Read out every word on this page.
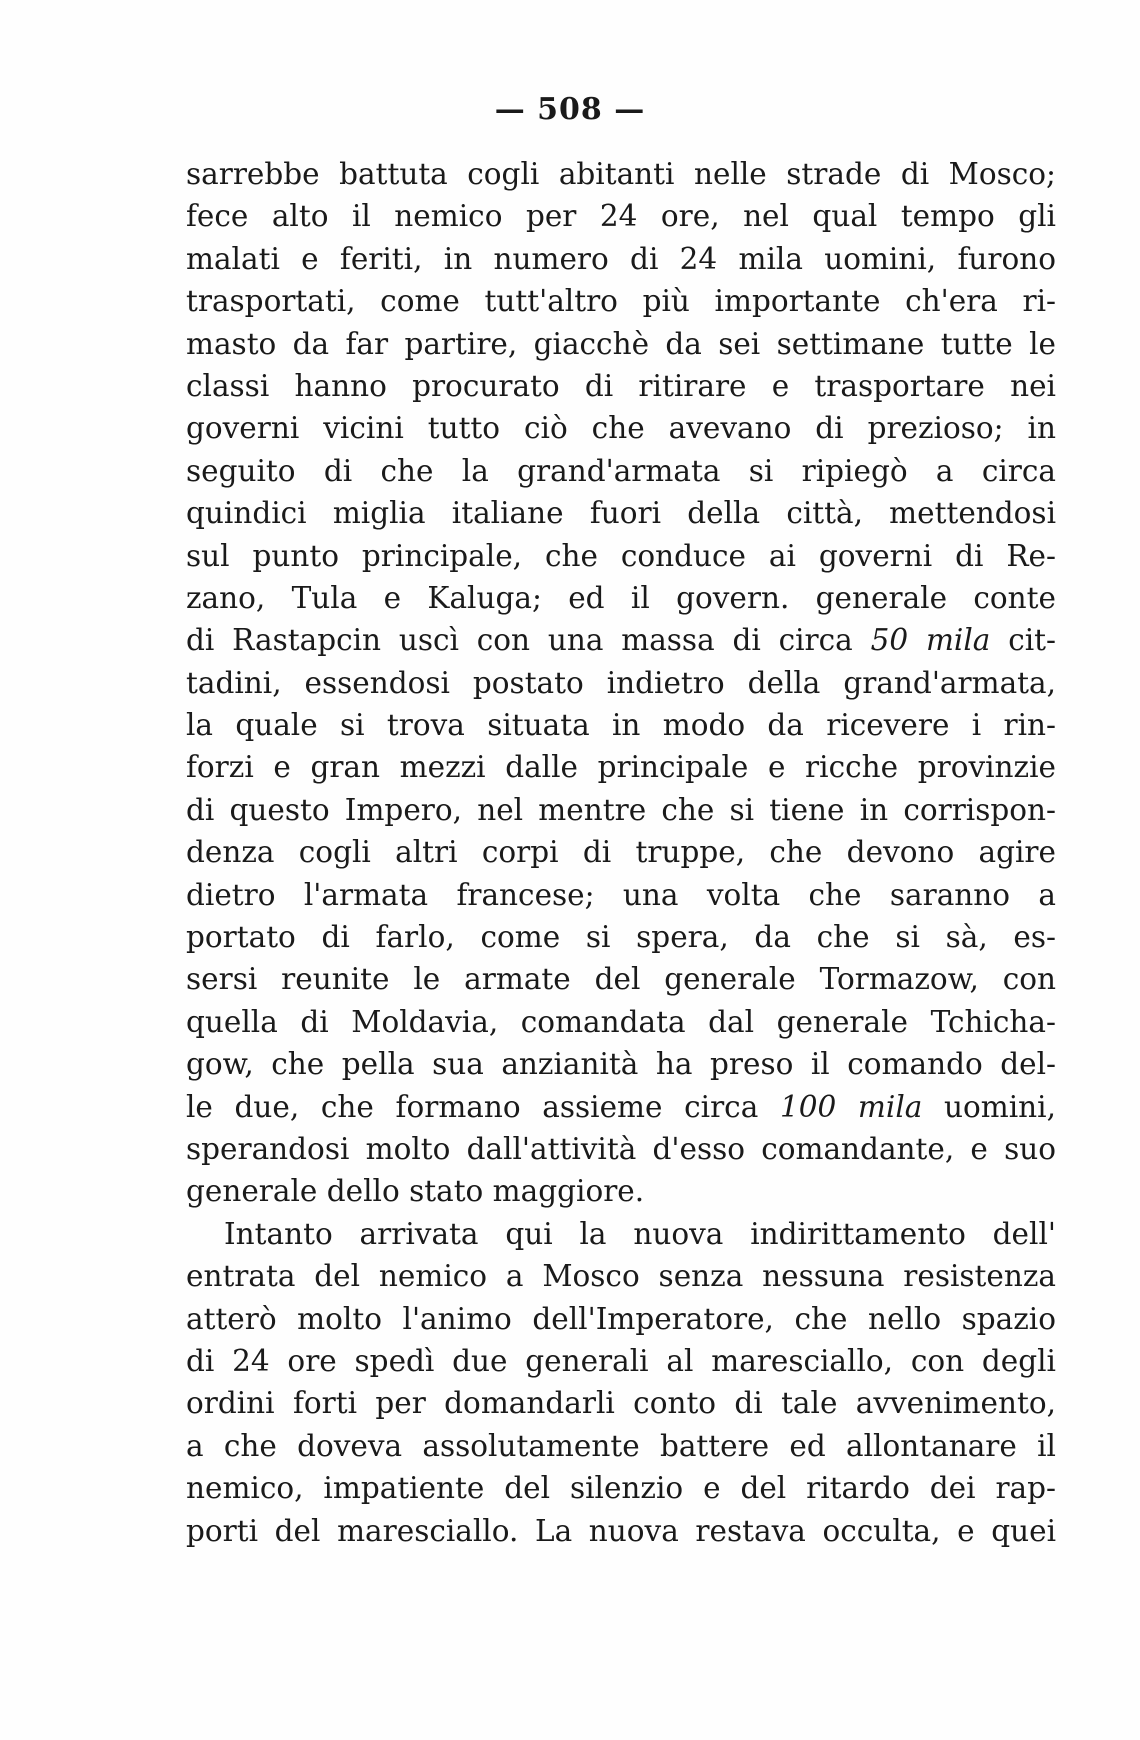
— 508 —
sarrebbe battuta cogli abitanti nelle strade di Mosco;
fece alto il nemico per 24 ore, nel qual tempo gli
malati e feriti, in numero di 24 mila uomini, furono
trasportati, come tutt'altro più importante ch'era ri-
masto da far partire, giacchè da sei settimane tutte le
classi hanno procurato di ritirare e trasportare nei
governi vicini tutto ciò che avevano di prezioso; in
seguito di che la grand'armata si ripiegò a circa
quindici miglia italiane fuori della città, mettendosi
sul punto principale, che conduce ai governi di Re-
zano, Tula e Kaluga; ed il govern. generale conte
di Rastapcin uscì con una massa di circa 50 mila cit-
tadini, essendosi postato indietro della grand'armata,
la quale si trova situata in modo da ricevere i rin-
forzi e gran mezzi dalle principale e ricche provinzie
di questo Impero, nel mentre che si tiene in corrispon-
denza cogli altri corpi di truppe, che devono agire
dietro l'armata francese; una volta che saranno a
portato di farlo, come si spera, da che si sà, es-
sersi reunite le armate del generale Tormazow, con
quella di Moldavia, comandata dal generale Tchicha-
gow, che pella sua anzianità ha preso il comando del-
le due, che formano assieme circa 100 mila uomini,
sperandosi molto dall'attività d'esso comandante, e suo
generale dello stato maggiore.
Intanto arrivata qui la nuova indirittamento dell'
entrata del nemico a Mosco senza nessuna resistenza
atterò molto l'animo dell'Imperatore, che nello spazio
di 24 ore spedì due generali al maresciallo, con degli
ordini forti per domandarli conto di tale avvenimento,
a che doveva assolutamente battere ed allontanare il
nemico, impatiente del silenzio e del ritardo dei rap-
porti del maresciallo. La nuova restava occulta, e quei
